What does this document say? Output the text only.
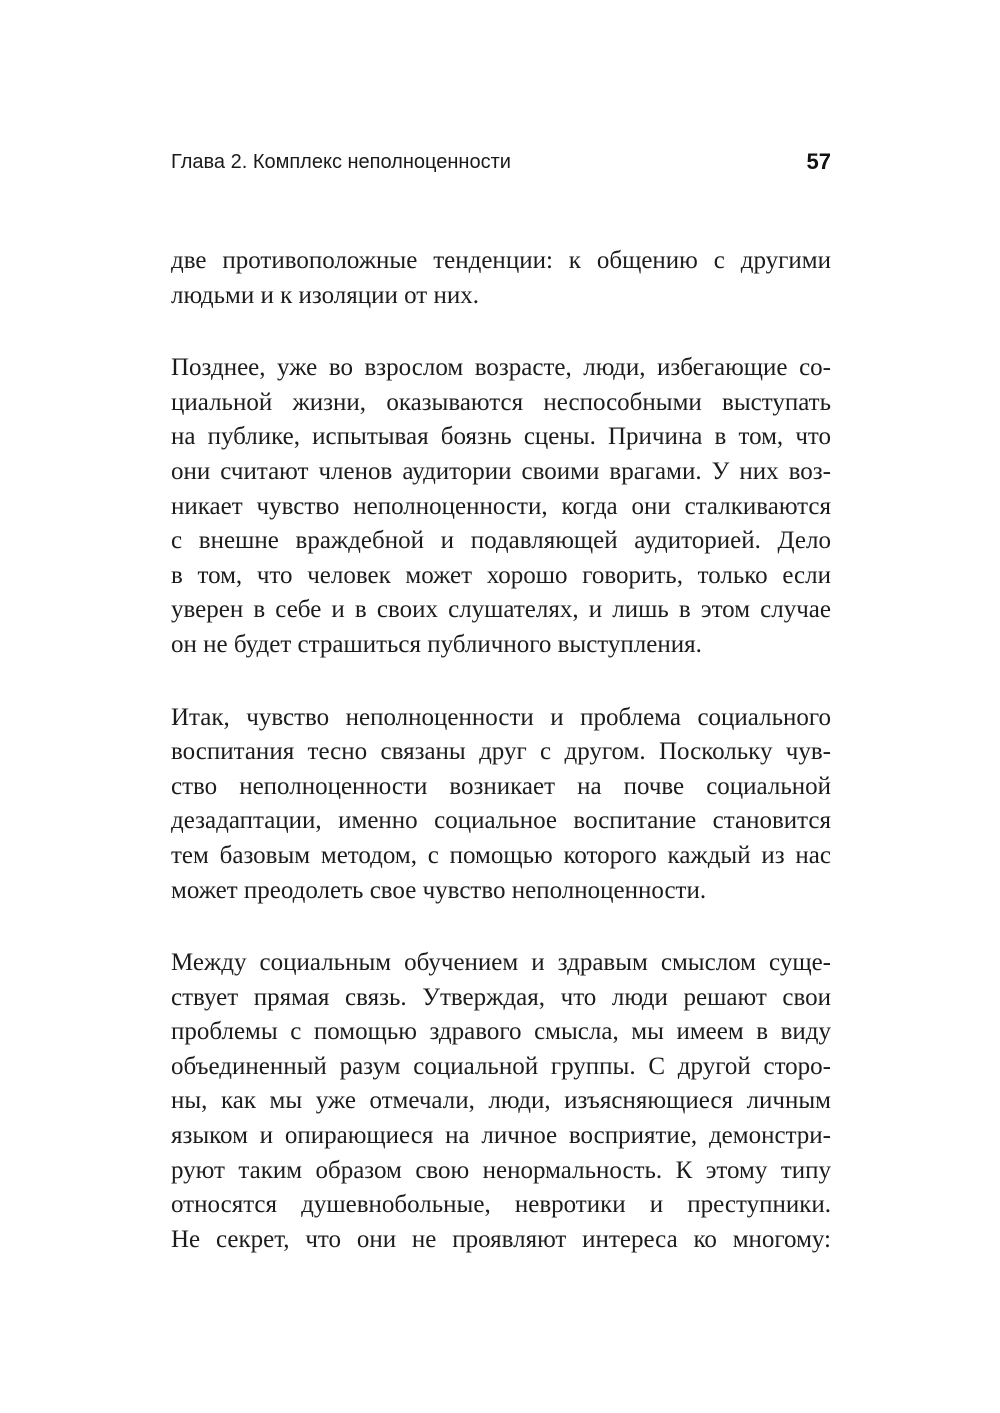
Глава 2. Комплекс неполноценности	57

две противоположные тенденции: к общению с другими
людьми и к изоляции от них.

Позднее, уже во взрослом возрасте, люди, избегающие со-
циальной жизни, оказываются неспособными выступать
на публике, испытывая боязнь сцены. Причина в том, что
они считают членов аудитории своими врагами. У них воз-
никает чувство неполноценности, когда они сталкиваются
с внешне враждебной и подавляющей аудиторией. Дело
в том, что человек может хорошо говорить, только если
уверен в себе и в своих слушателях, и лишь в этом случае
он не будет страшиться публичного выступления.

Итак, чувство неполноценности и проблема социального
воспитания тесно связаны друг с другом. Поскольку чув-
ство неполноценности возникает на почве социальной
дезадаптации, именно социальное воспитание становится
тем базовым методом, с помощью которого каждый из нас
может преодолеть свое чувство неполноценности.

Между социальным обучением и здравым смыслом суще-
ствует прямая связь. Утверждая, что люди решают свои
проблемы с помощью здравого смысла, мы имеем в виду
объединенный разум социальной группы. С другой сторо-
ны, как мы уже отмечали, люди, изъясняющиеся личным
языком и опирающиеся на личное восприятие, демонстри-
руют таким образом свою ненормальность. К этому типу
относятся душевнобольные, невротики и преступники.
Не секрет, что они не проявляют интереса ко многому:
